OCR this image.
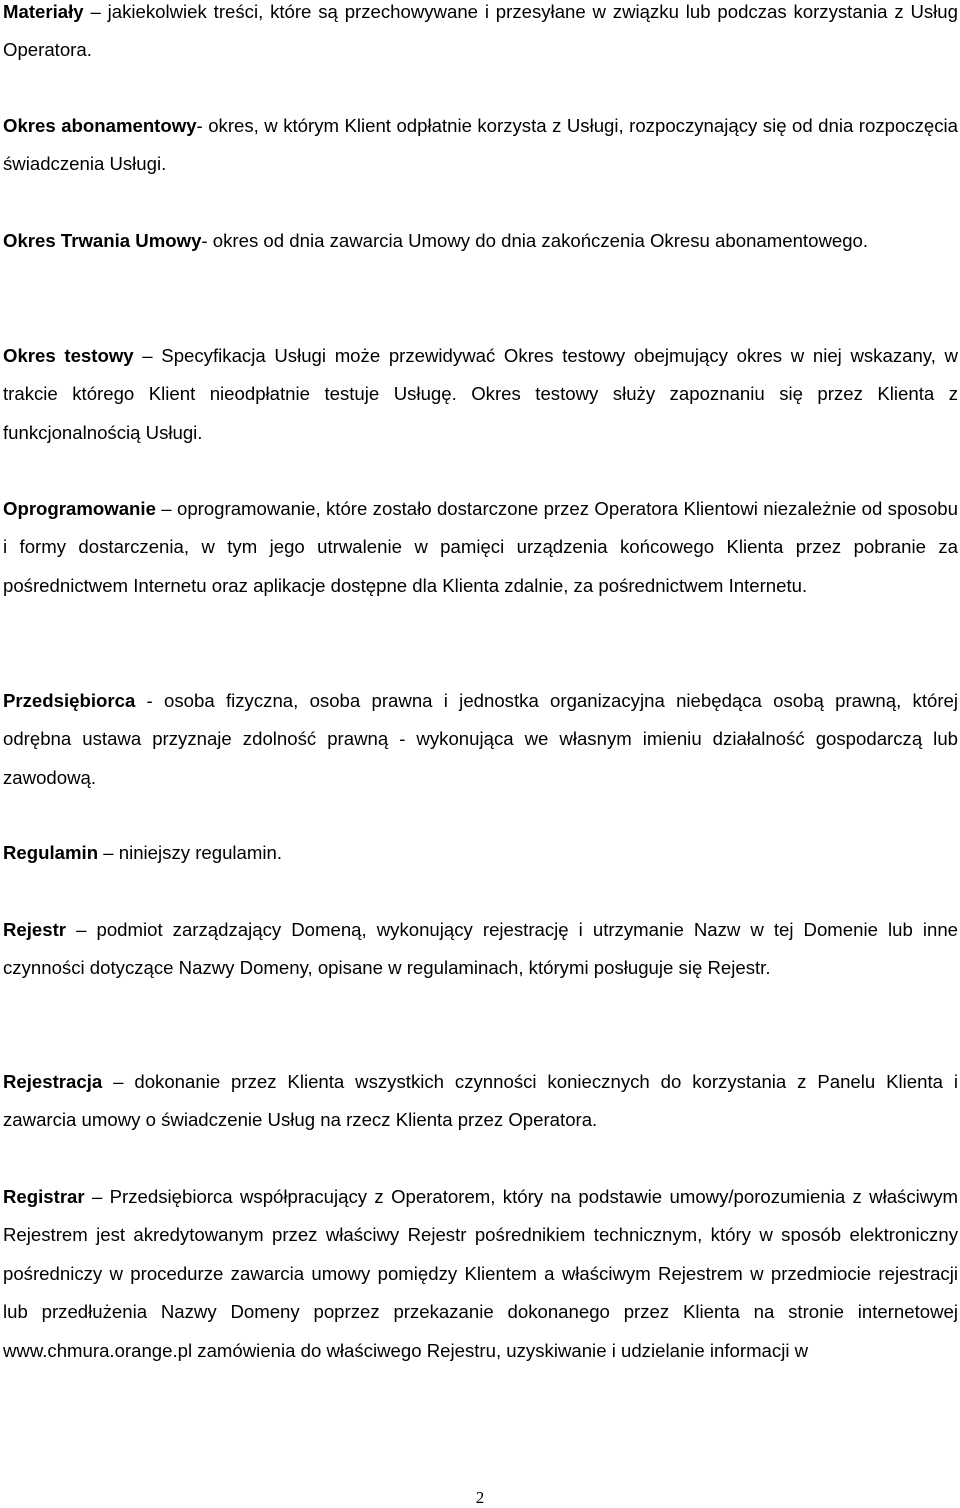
Materiały – jakiekolwiek treści, które są przechowywane i przesyłane w związku lub podczas korzystania z Usług Operatora.

Okres abonamentowy- okres, w którym Klient odpłatnie korzysta z Usługi, rozpoczynający się od dnia rozpoczęcia świadczenia Usługi.

Okres Trwania Umowy- okres od dnia zawarcia Umowy do dnia zakończenia Okresu abonamentowego.

Okres testowy – Specyfikacja Usługi może przewidywać Okres testowy obejmujący okres w niej wskazany, w trakcie którego Klient nieodpłatnie testuje Usługę. Okres testowy służy zapoznaniu się przez Klienta z funkcjonalnością Usługi.

Oprogramowanie – oprogramowanie, które zostało dostarczone przez Operatora Klientowi niezależnie od sposobu i formy dostarczenia, w tym jego utrwalenie w pamięci urządzenia końcowego Klienta przez pobranie za pośrednictwem Internetu oraz aplikacje dostępne dla Klienta zdalnie, za pośrednictwem Internetu.

Przedsiębiorca - osoba fizyczna, osoba prawna i jednostka organizacyjna niebędąca osobą prawną, której odrębna ustawa przyznaje zdolność prawną - wykonująca we własnym imieniu działalność gospodarczą lub zawodową.

Regulamin – niniejszy regulamin.

Rejestr – podmiot zarządzający Domeną, wykonujący rejestrację i utrzymanie Nazw w tej Domenie lub inne czynności dotyczące Nazwy Domeny, opisane w regulaminach, którymi posługuje się Rejestr.

Rejestracja – dokonanie przez Klienta wszystkich czynności koniecznych do korzystania z Panelu Klienta i zawarcia umowy o świadczenie Usług na rzecz Klienta przez Operatora.

Registrar – Przedsiębiorca współpracujący z Operatorem, który na podstawie umowy/porozumienia z właściwym Rejestrem jest akredytowanym przez właściwy Rejestr pośrednikiem technicznym, który w sposób elektroniczny pośredniczy w procedurze zawarcia umowy pomiędzy Klientem a właściwym Rejestrem w przedmiocie rejestracji lub przedłużenia Nazwy Domeny poprzez przekazanie dokonanego przez Klienta na stronie internetowej www.chmura.orange.pl zamówienia do właściwego Rejestru, uzyskiwanie i udzielanie informacji w

2
